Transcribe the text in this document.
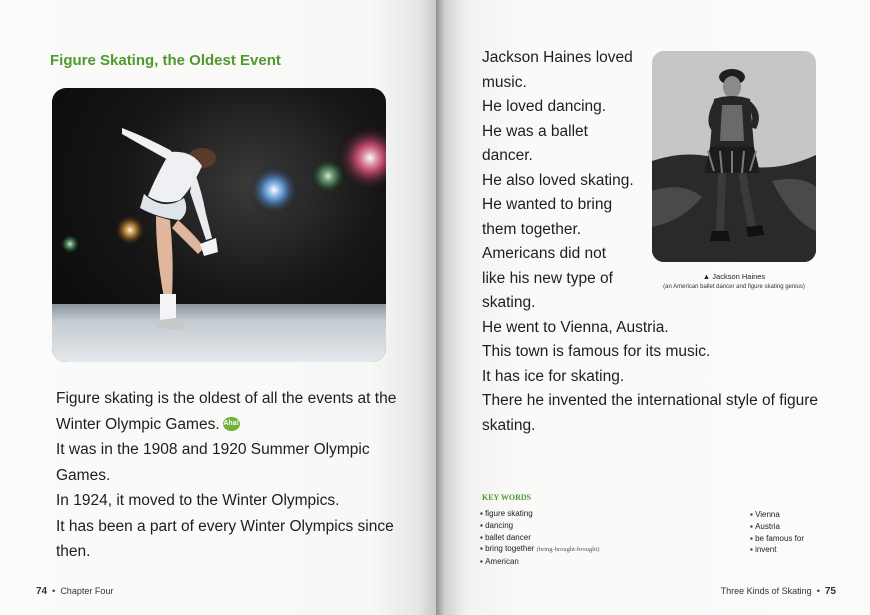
Figure Skating, the Oldest Event

Figure skating is the oldest of all the events at the

Winter Olympic Games. Aha!

It was in the 1908 and 1920 Summer Olympic

Games.

In 1924, it moved to the Winter Olympics.

It has been a part of every Winter Olympics since

then.

74  •  Chapter Four

Jackson Haines loved

music.

He loved dancing.

He was a ballet

dancer.

He also loved skating.

He wanted to bring

them together.

Americans did not

like his new type of

skating.

He went to Vienna, Austria.

This town is famous for its music.

It has ice for skating.

There he invented the international style of figure

skating.

▲ Jackson Haines
(an American ballet dancer and figure skating genius)
KEY WORDS
▪ figure skating
▪ dancing
▪ ballet dancer
▪ bring together (bring-brought-brought)
▪ American
▪ Vienna
▪ Austria
▪ be famous for
▪ invent
Three Kinds of Skating  •  75
